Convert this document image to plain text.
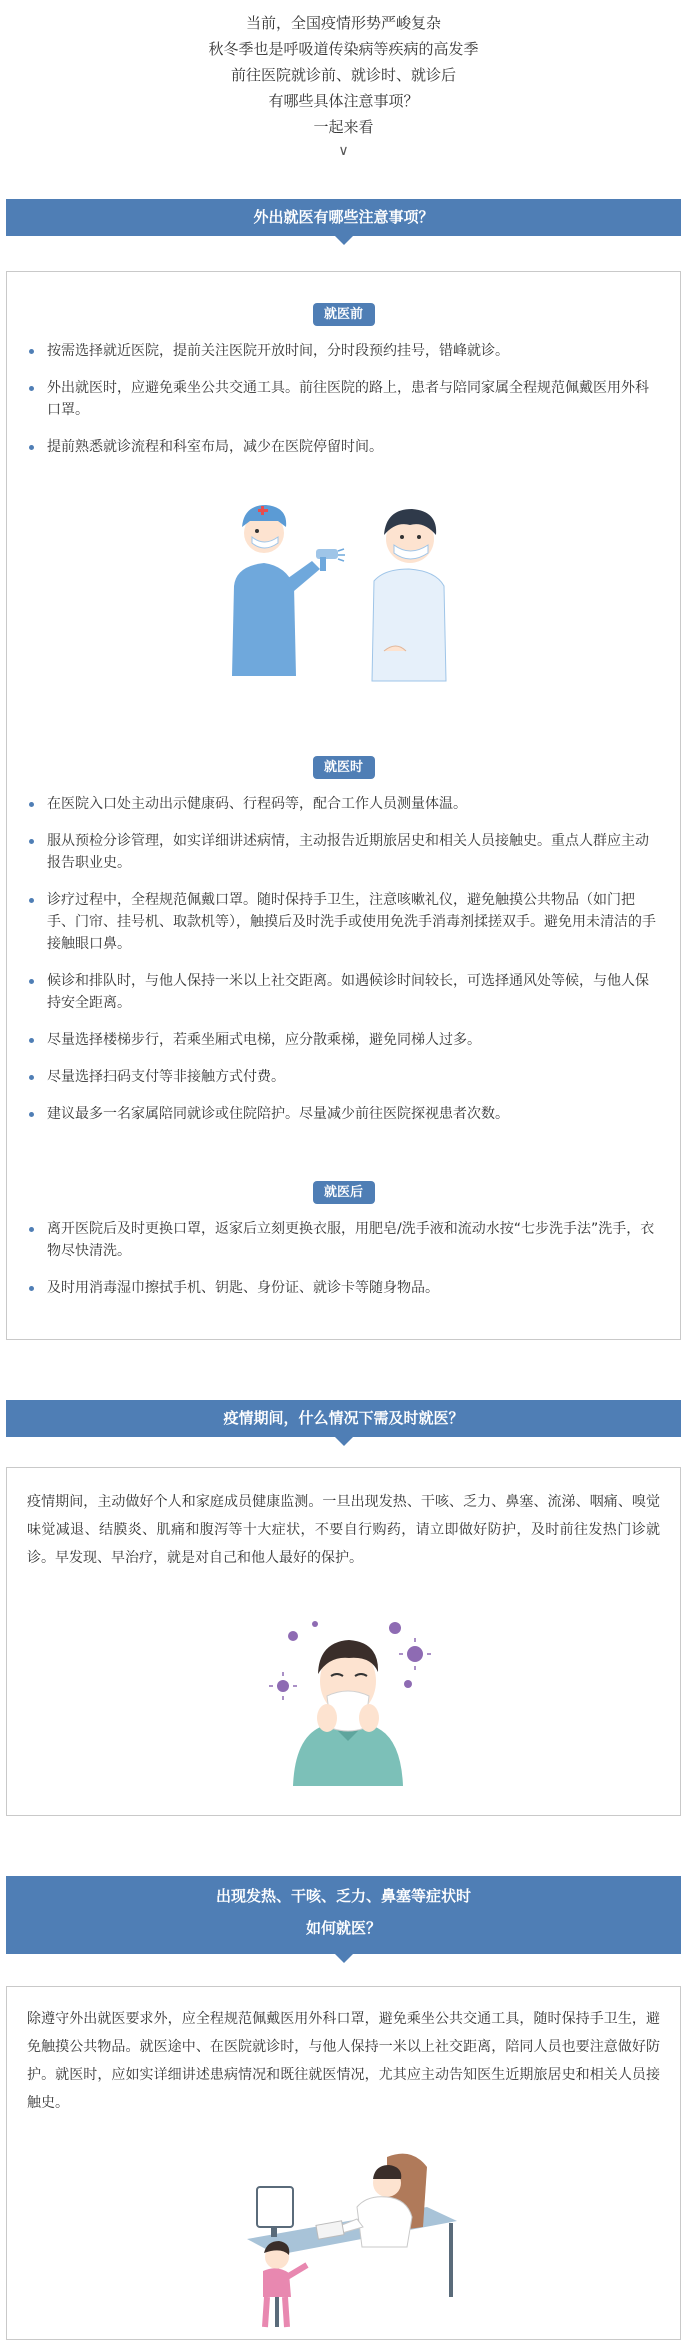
当前，全国疫情形势严峻复杂

秋冬季也是呼吸道传染病等疾病的高发季

前往医院就诊前、就诊时、就诊后

有哪些具体注意事项？

一起来看

∨
外出就医有哪些注意事项？
就医前
按需选择就近医院，提前关注医院开放时间，分时段预约挂号，错峰就诊。
外出就医时，应避免乘坐公共交通工具。前往医院的路上，患者与陪同家属全程规范佩戴医用外科口罩。
提前熟悉就诊流程和科室布局，减少在医院停留时间。
就医时
在医院入口处主动出示健康码、行程码等，配合工作人员测量体温。
服从预检分诊管理，如实详细讲述病情，主动报告近期旅居史和相关人员接触史。重点人群应主动报告职业史。
诊疗过程中，全程规范佩戴口罩。随时保持手卫生，注意咳嗽礼仪，避免触摸公共物品（如门把手、门帘、挂号机、取款机等），触摸后及时洗手或使用免洗手消毒剂揉搓双手。避免用未清洁的手接触眼口鼻。
候诊和排队时，与他人保持一米以上社交距离。如遇候诊时间较长，可选择通风处等候，与他人保持安全距离。
尽量选择楼梯步行，若乘坐厢式电梯，应分散乘梯，避免同梯人过多。
尽量选择扫码支付等非接触方式付费。
建议最多一名家属陪同就诊或住院陪护。尽量减少前往医院探视患者次数。
就医后
离开医院后及时更换口罩，返家后立刻更换衣服，用肥皂/洗手液和流动水按“七步洗手法”洗手，衣物尽快清洗。
及时用消毒湿巾擦拭手机、钥匙、身份证、就诊卡等随身物品。
疫情期间，什么情况下需及时就医？
疫情期间，主动做好个人和家庭成员健康监测。一旦出现发热、干咳、乏力、鼻塞、流涕、咽痛、嗅觉味觉减退、结膜炎、肌痛和腹泻等十大症状，不要自行购药，请立即做好防护，及时前往发热门诊就诊。早发现、早治疗，就是对自己和他人最好的保护。
出现发热、干咳、乏力、鼻塞等症状时
如何就医？
除遵守外出就医要求外，应全程规范佩戴医用外科口罩，避免乘坐公共交通工具，随时保持手卫生，避免触摸公共物品。就医途中、在医院就诊时，与他人保持一米以上社交距离，陪同人员也要注意做好防护。就医时，应如实详细讲述患病情况和既往就医情况，尤其应主动告知医生近期旅居史和相关人员接触史。
